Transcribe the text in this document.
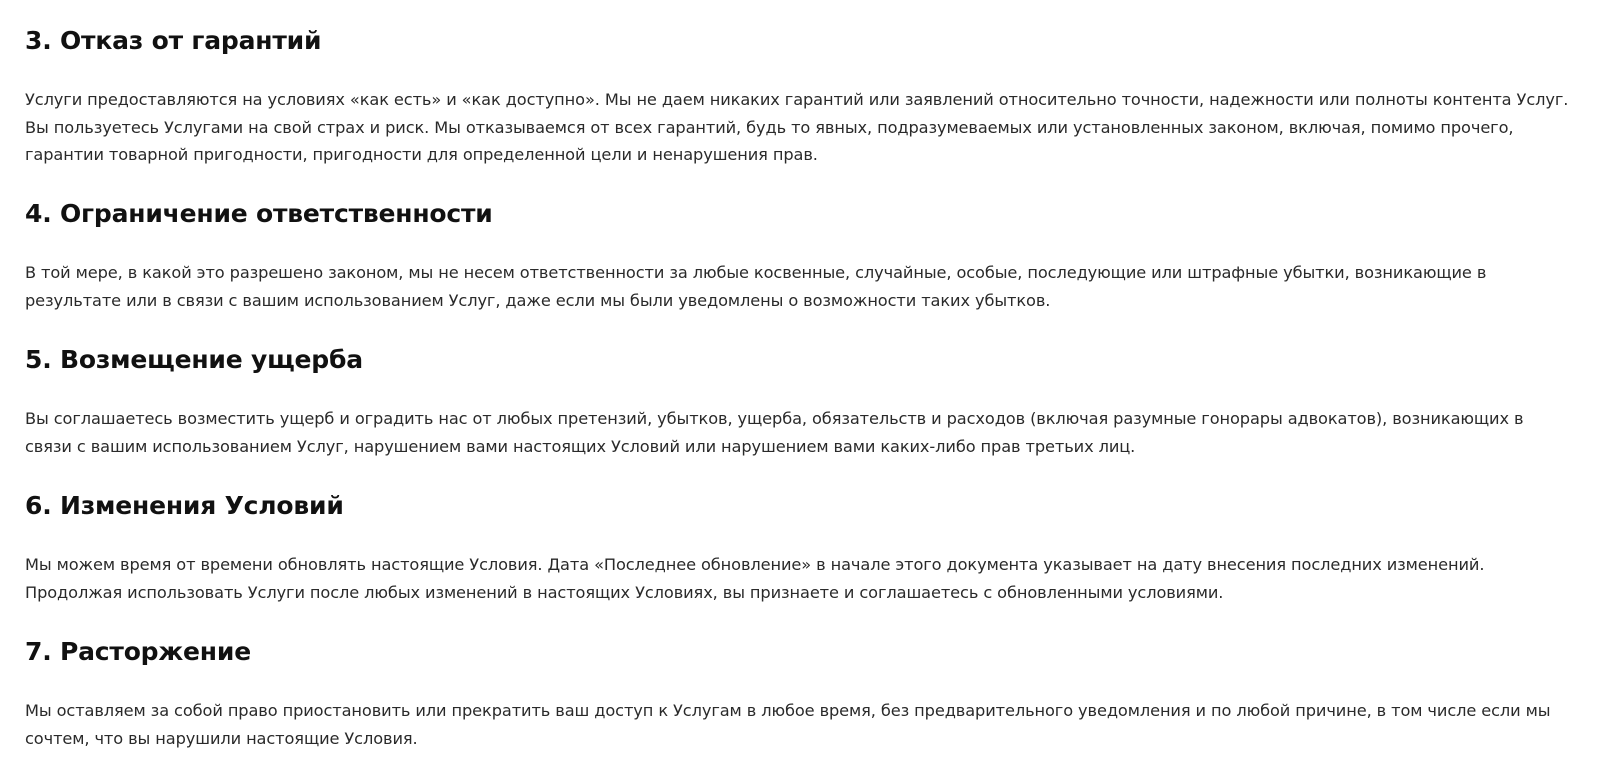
3. Отказ от гарантий

Услуги предоставляются на условиях «как есть» и «как доступно». Мы не даем никаких гарантий или заявлений относительно точности, надежности или полноты контента Услуг. Вы пользуетесь Услугами на свой страх и риск. Мы отказываемся от всех гарантий, будь то явных, подразумеваемых или установленных законом, включая, помимо прочего, гарантии товарной пригодности, пригодности для определенной цели и ненарушения прав.

4. Ограничение ответственности

В той мере, в какой это разрешено законом, мы не несем ответственности за любые косвенные, случайные, особые, последующие или штрафные убытки, возникающие в результате или в связи с вашим использованием Услуг, даже если мы были уведомлены о возможности таких убытков.

5. Возмещение ущерба

Вы соглашаетесь возместить ущерб и оградить нас от любых претензий, убытков, ущерба, обязательств и расходов (включая разумные гонорары адвокатов), возникающих в связи с вашим использованием Услуг, нарушением вами настоящих Условий или нарушением вами каких-либо прав третьих лиц.

6. Изменения Условий

Мы можем время от времени обновлять настоящие Условия. Дата «Последнее обновление» в начале этого документа указывает на дату внесения последних изменений. Продолжая использовать Услуги после любых изменений в настоящих Условиях, вы признаете и соглашаетесь с обновленными условиями.

7. Расторжение

Мы оставляем за собой право приостановить или прекратить ваш доступ к Услугам в любое время, без предварительного уведомления и по любой причине, в том числе если мы сочтем, что вы нарушили настоящие Условия.
